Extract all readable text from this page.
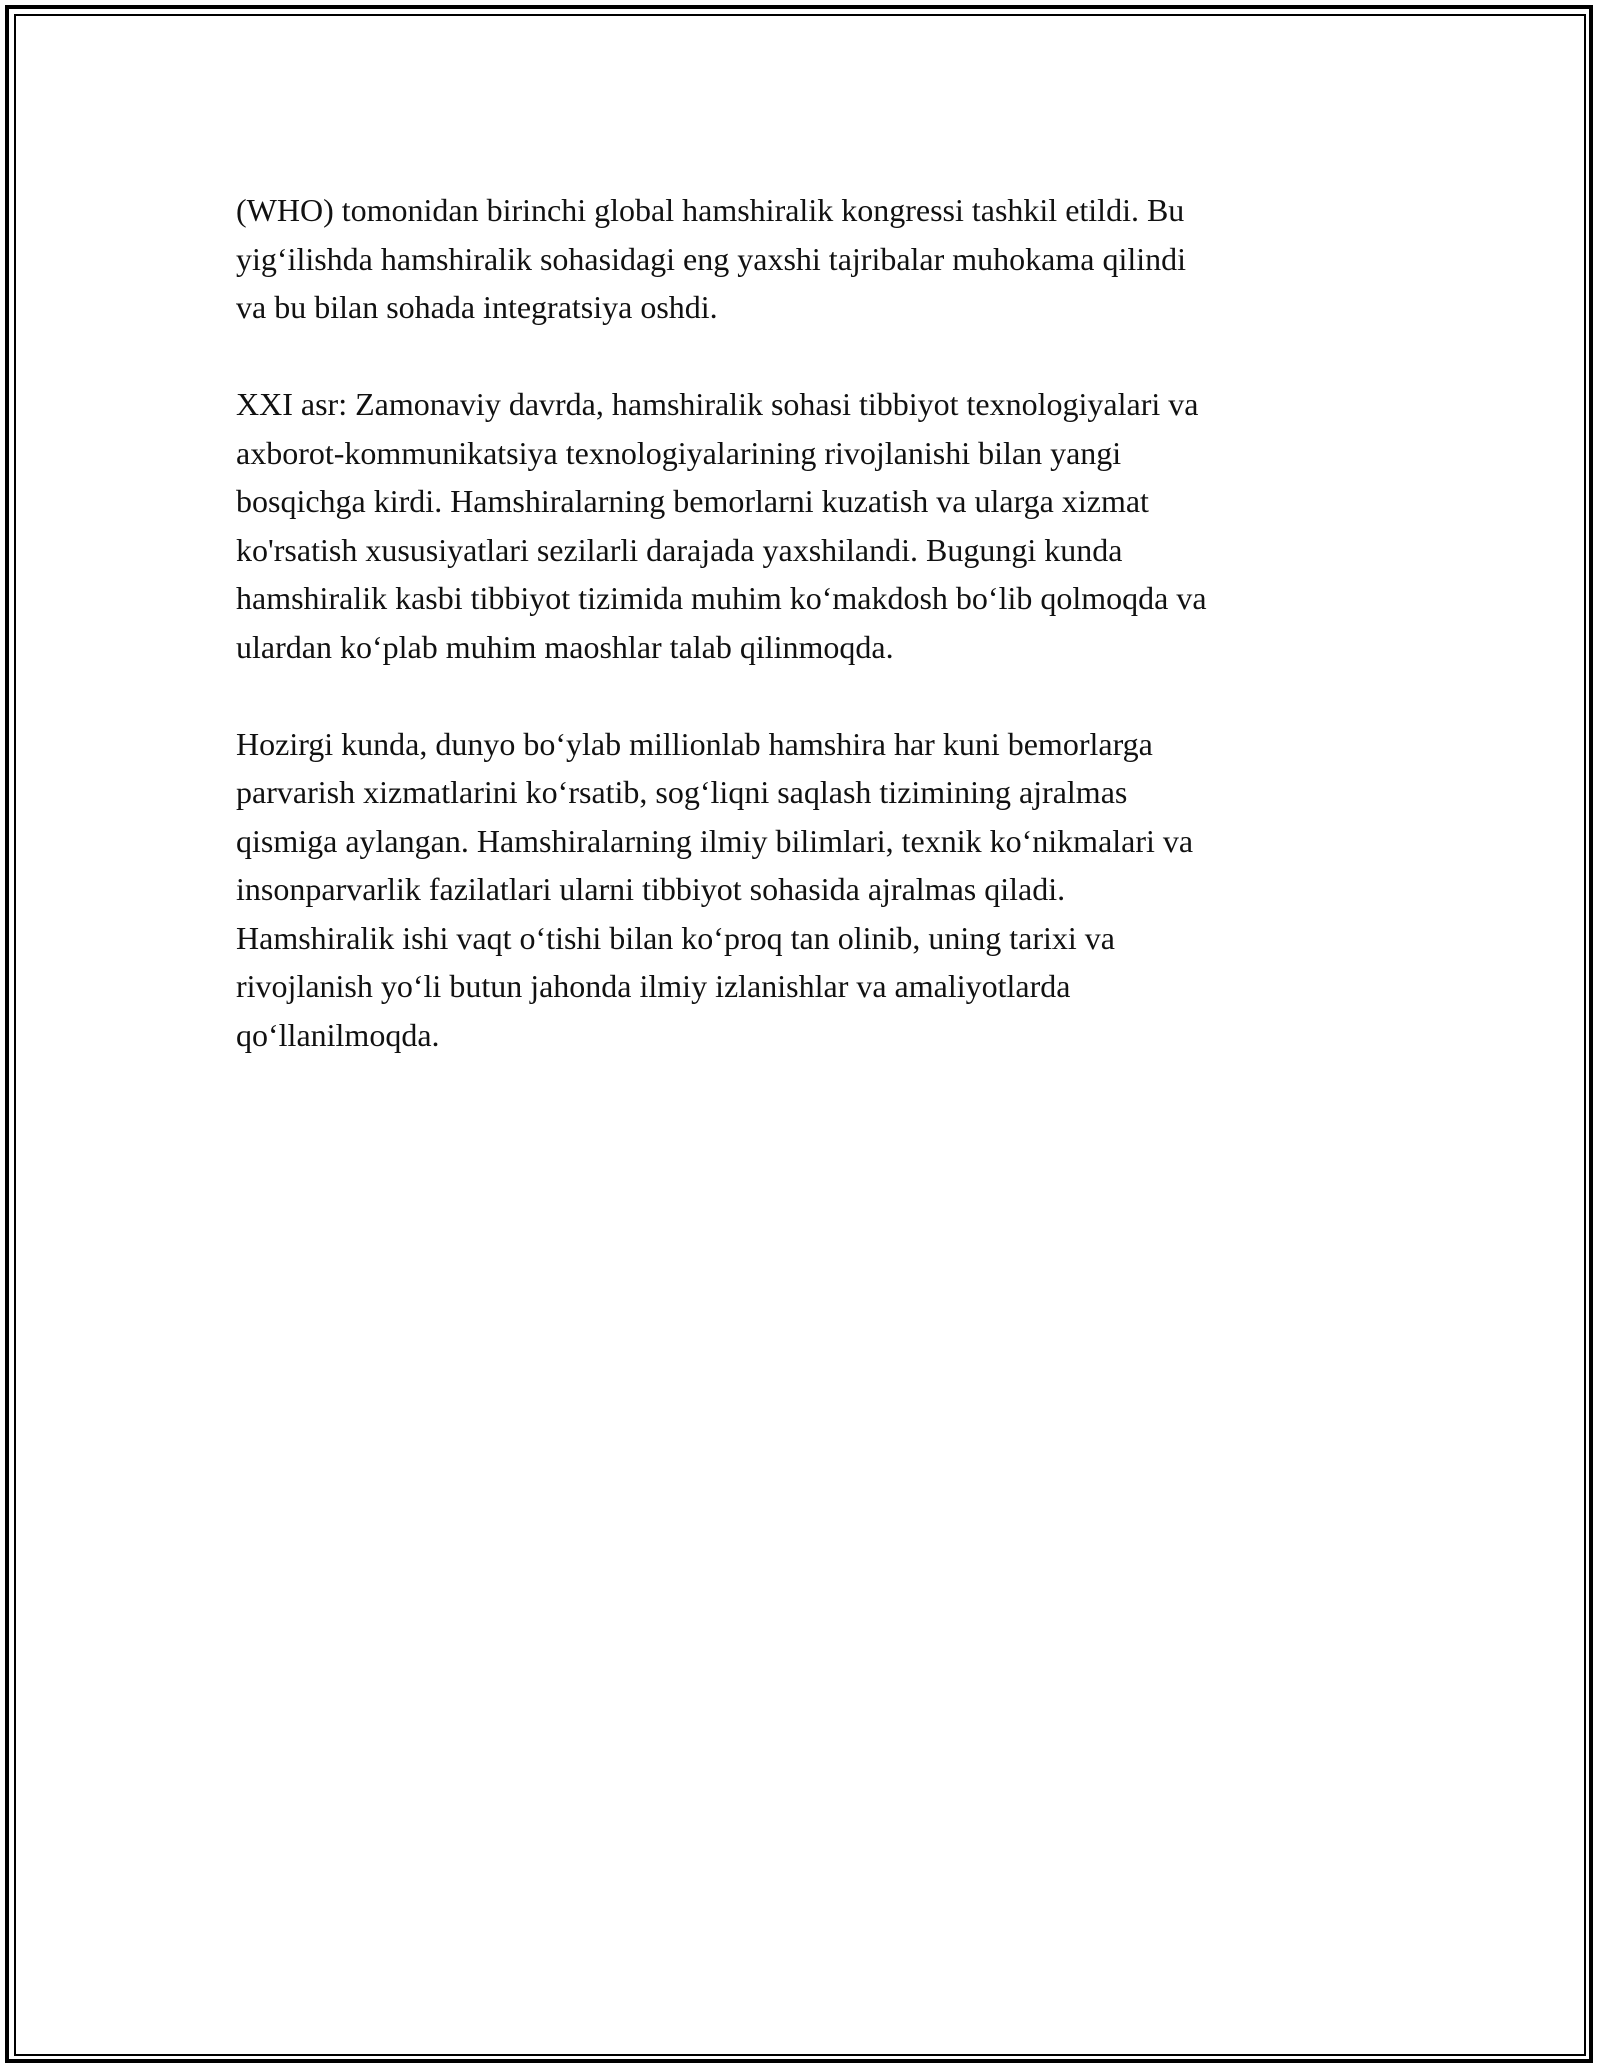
(WHO) tomonidan birinchi global hamshiralik kongressi tashkil etildi. Bu
yig‘ilishda hamshiralik sohasidagi eng yaxshi tajribalar muhokama qilindi
va bu bilan sohada integratsiya oshdi.

XXI asr: Zamonaviy davrda, hamshiralik sohasi tibbiyot texnologiyalari va
axborot-kommunikatsiya texnologiyalarining rivojlanishi bilan yangi
bosqichga kirdi. Hamshiralarning bemorlarni kuzatish va ularga xizmat
ko'rsatish xususiyatlari sezilarli darajada yaxshilandi. Bugungi kunda
hamshiralik kasbi tibbiyot tizimida muhim ko‘makdosh bo‘lib qolmoqda va
ulardan ko‘plab muhim maoshlar talab qilinmoqda.

Hozirgi kunda, dunyo bo‘ylab millionlab hamshira har kuni bemorlarga
parvarish xizmatlarini ko‘rsatib, sog‘liqni saqlash tizimining ajralmas
qismiga aylangan. Hamshiralarning ilmiy bilimlari, texnik ko‘nikmalari va
insonparvarlik fazilatlari ularni tibbiyot sohasida ajralmas qiladi.
Hamshiralik ishi vaqt o‘tishi bilan ko‘proq tan olinib, uning tarixi va
rivojlanish yo‘li butun jahonda ilmiy izlanishlar va amaliyotlarda
qo‘llanilmoqda.
